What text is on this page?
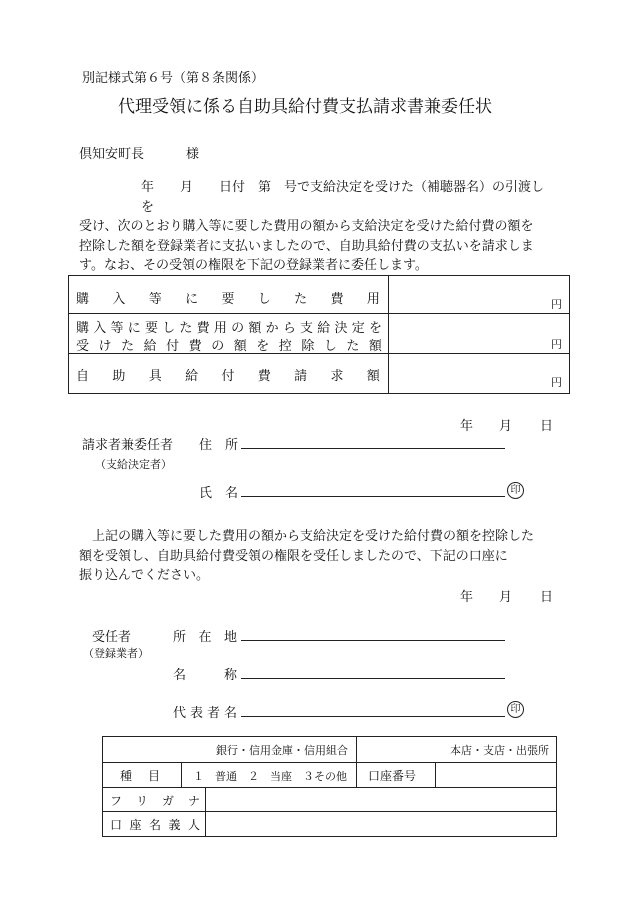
別記様式第６号（第８条関係）
代理受領に係る自助具給付費支払請求書兼委任状
倶知安町長	様
年　　月　　日付　第　号で支給決定を受けた（補聴器名）の引渡しを
受け、次のとおり購入等に要した費用の額から支給決定を受けた給付費の額を
控除した額を登録業者に支払いましたので、自助具給付費の支払いを請求しま
す。なお、その受領の権限を下記の登録業者に委任します。
購 入 等 に 要 し た 費 用	円
購 入 等 に 要 し た 費 用 の 額 か ら 支 給 決 定 を
受 け た 給 付 費 の 額 を 控 除 し た 額	円
自 助 具 給 付 費 請 求 額	円
年 月 日
請求者兼委任者
（支給決定者）
住　所
氏　名	印
上記の購入等に要した費用の額から支給決定を受けた給付費の額を控除した
額を受領し、自助具給付費受領の権限を受任しましたので、下記の口座に
振り込んでください。
年 月 日
受任者
（登録業者）
所 在 地
名	称
代 表 者 名	印
銀行・信用金庫・信用組合	本店・支店・出張所
種 目	１　普通　２　当座　３その他 口座番号
フ リ ガ ナ
口 座 名 義 人
